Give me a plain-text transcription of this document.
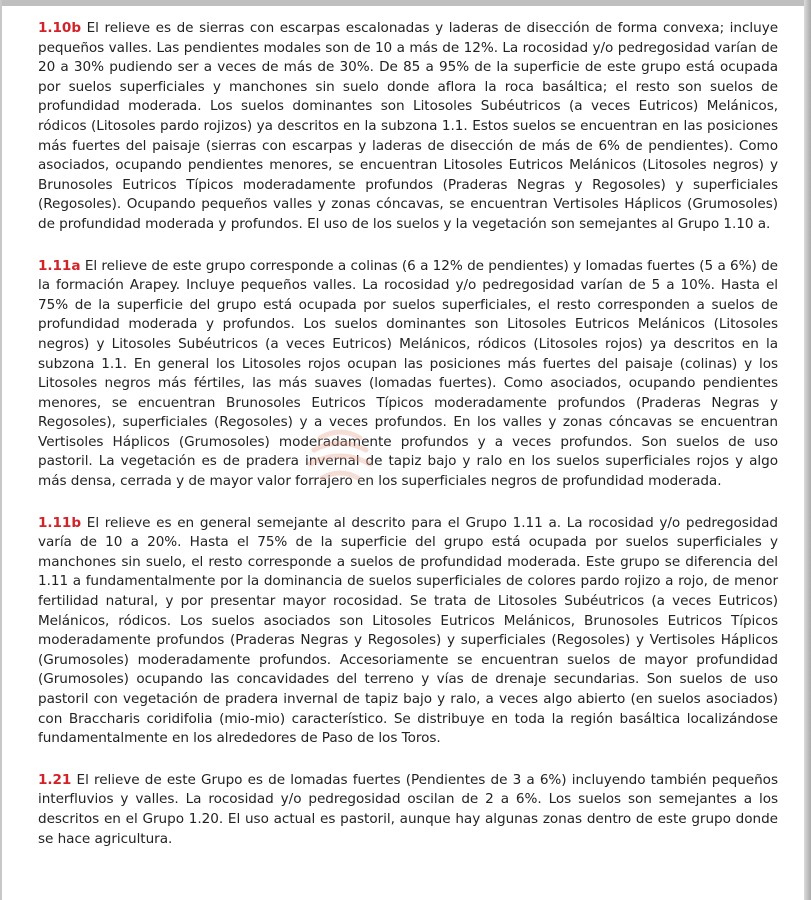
1.10b El relieve es de sierras con escarpas escalonadas y laderas de disección de forma convexa; incluye pequeños valles. Las pendientes modales son de 10 a más de 12%. La rocosidad y/o pedregosidad varían de 20 a 30% pudiendo ser a veces de más de 30%. De 85 a 95% de la superficie de este grupo está ocupada por suelos superficiales y manchones sin suelo donde aflora la roca basáltica; el resto son suelos de profundidad moderada. Los suelos dominantes son Litosoles Subéutricos (a veces Eutricos) Melánicos, ródicos (Litosoles pardo rojizos) ya descritos en la subzona 1.1. Estos suelos se encuentran en las posiciones más fuertes del paisaje (sierras con escarpas y laderas de disección de más de 6% de pendientes). Como asociados, ocupando pendientes menores, se encuentran Litosoles Eutricos Melánicos (Litosoles negros) y Brunosoles Eutricos Típicos moderadamente profundos (Praderas Negras y Regosoles) y superficiales (Regosoles). Ocupando pequeños valles y zonas cóncavas, se encuentran Vertisoles Háplicos (Grumosoles) de profundidad moderada y profundos. El uso de los suelos y la vegetación son semejantes al Grupo 1.10 a.

1.11a El relieve de este grupo corresponde a colinas (6 a 12% de pendientes) y lomadas fuertes (5 a 6%) de la formación Arapey. Incluye pequeños valles. La rocosidad y/o pedregosidad varían de 5 a 10%. Hasta el 75% de la superficie del grupo está ocupada por suelos superficiales, el resto corresponden a suelos de profundidad moderada y profundos. Los suelos dominantes son Litosoles Eutricos Melánicos (Litosoles negros) y Litosoles Subéutricos (a veces Eutricos) Melánicos, ródicos (Litosoles rojos) ya descritos en la subzona 1.1. En general los Litosoles rojos ocupan las posiciones más fuertes del paisaje (colinas) y los Litosoles negros más fértiles, las más suaves (lomadas fuertes). Como asociados, ocupando pendientes menores, se encuentran Brunosoles Eutricos Típicos moderadamente profundos (Praderas Negras y Regosoles), superficiales (Regosoles) y a veces profundos. En los valles y zonas cóncavas se encuentran Vertisoles Háplicos (Grumosoles) moderadamente profundos y a veces profundos. Son suelos de uso pastoril. La vegetación es de pradera invernal de tapiz bajo y ralo en los suelos superficiales rojos y algo más densa, cerrada y de mayor valor forrajero en los superficiales negros de profundidad moderada.

1.11b El relieve es en general semejante al descrito para el Grupo 1.11 a. La rocosidad y/o pedregosidad varía de 10 a 20%. Hasta el 75% de la superficie del grupo está ocupada por suelos superficiales y manchones sin suelo, el resto corresponde a suelos de profundidad moderada. Este grupo se diferencia del 1.11 a fundamentalmente por la dominancia de suelos superficiales de colores pardo rojizo a rojo, de menor fertilidad natural, y por presentar mayor rocosidad. Se trata de Litosoles Subéutricos (a veces Eutricos) Melánicos, ródicos. Los suelos asociados son Litosoles Eutricos Melánicos, Brunosoles Eutricos Típicos moderadamente profundos (Praderas Negras y Regosoles) y superficiales (Regosoles) y Vertisoles Háplicos (Grumosoles) moderadamente profundos. Accesoriamente se encuentran suelos de mayor profundidad (Grumosoles) ocupando las concavidades del terreno y vías de drenaje secundarias. Son suelos de uso pastoril con vegetación de pradera invernal de tapiz bajo y ralo, a veces algo abierto (en suelos asociados) con Braccharis coridifolia (mio-mio) característico. Se distribuye en toda la región basáltica localizándose fundamentalmente en los alrededores de Paso de los Toros.

1.21 El relieve de este Grupo es de lomadas fuertes (Pendientes de 3 a 6%) incluyendo también pequeños interfluvios y valles. La rocosidad y/o pedregosidad oscilan de 2 a 6%. Los suelos son semejantes a los descritos en el Grupo 1.20. El uso actual es pastoril, aunque hay algunas zonas dentro de este grupo donde se hace agricultura.
